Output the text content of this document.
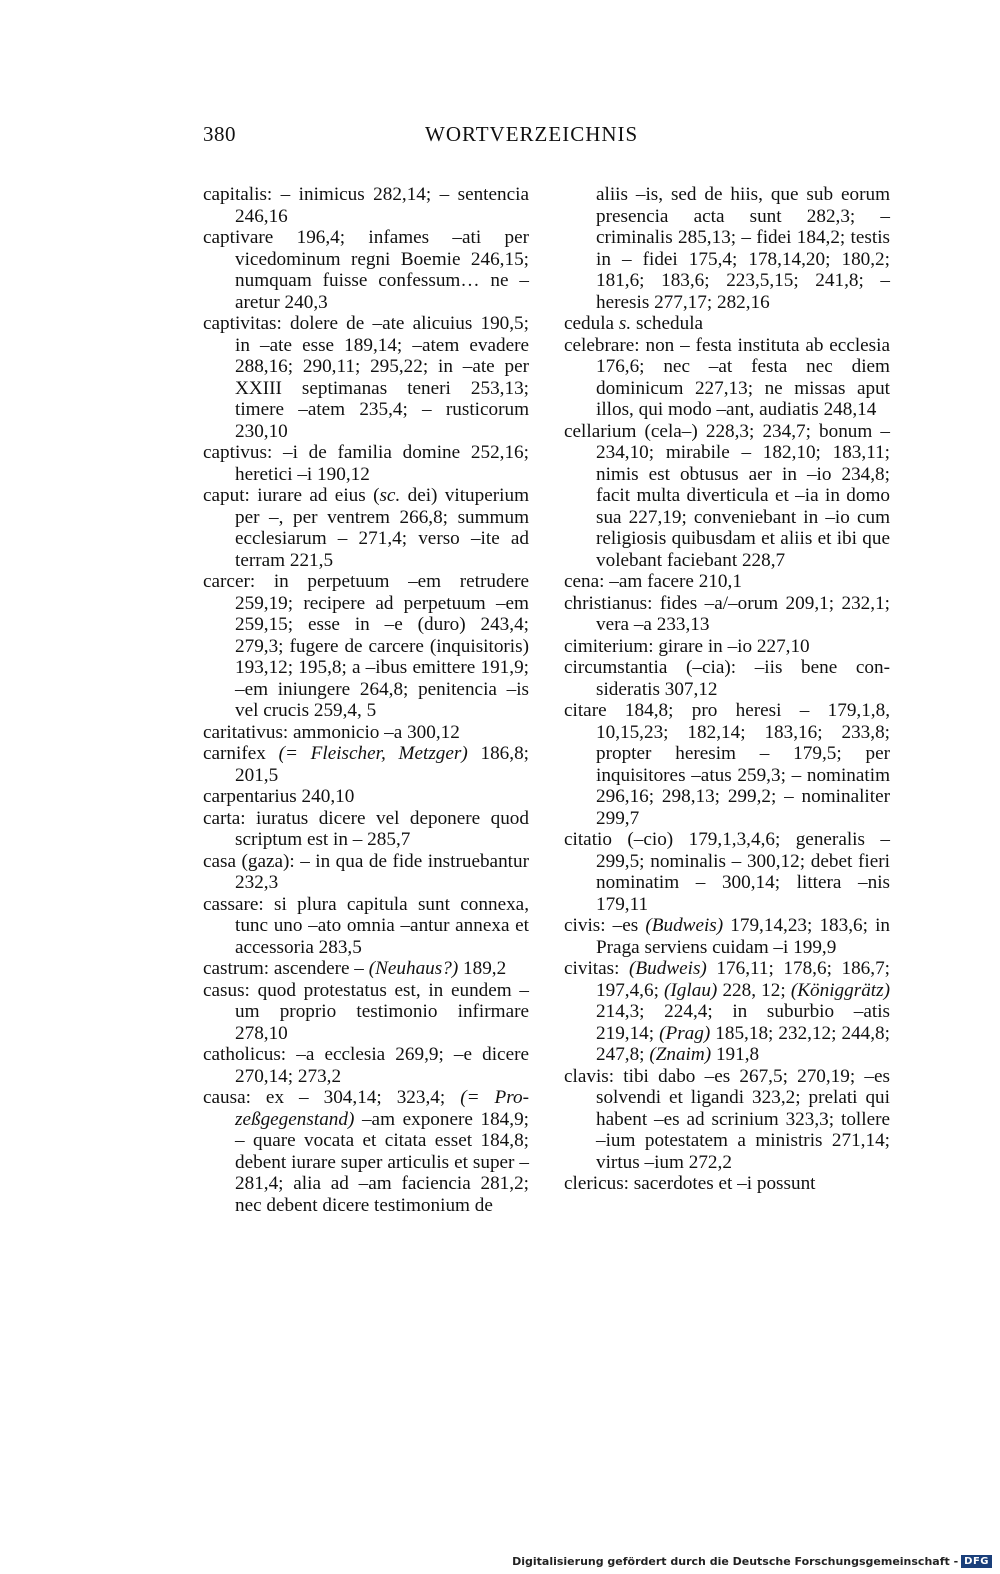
380	WORTVERZEICHNIS

capitalis: – inimicus 282,14; – sentencia 246,16

captivare 196,4; infames –ati per vicedominum regni Boemie 246,15; numquam fuisse confessum… ne –aretur 240,3

captivitas: dolere de –ate alicuius 190,5; in –ate esse 189,14; –atem evadere 288,16; 290,11; 295,22; in –ate per XXIII septimanas teneri 253,13; timere –atem 235,4; – rusticorum 230,10

captivus: –i de familia domine 252,16; heretici –i 190,12

caput: iurare ad eius (sc. dei) vituperium per –, per ventrem 266,8; summum ecclesiarum – 271,4; verso –ite ad terram 221,5

carcer: in perpetuum –em retrudere 259,19; recipere ad perpetuum –em 259,15; esse in –e (duro) 243,4; 279,3; fugere de carcere (inquisitoris) 193,12; 195,8; a –ibus emittere 191,9; –em iniungere 264,8; penitencia –is vel crucis 259,4, 5

caritativus: ammonicio –a 300,12

carnifex (= Fleischer, Metzger) 186,8; 201,5

carpentarius 240,10

carta: iuratus dicere vel deponere quod scriptum est in – 285,7

casa (gaza): – in qua de fide instruebantur 232,3

cassare: si plura capitula sunt connexa, tunc uno –ato omnia –antur annexa et accessoria 283,5

castrum: ascendere – (Neuhaus?) 189,2

casus: quod protestatus est, in eundem –um proprio testimonio infirmare 278,10

catholicus: –a ecclesia 269,9; –e dicere 270,14; 273,2

causa: ex – 304,14; 323,4; (= Prozeßgegenstand) –am exponere 184,9; – quare vocata et citata esset 184,8; debent iurare super articulis et super – 281,4; alia ad –am faciencia 281,2; nec debent dicere testimonium de

aliis –is, sed de hiis, que sub eorum presencia acta sunt 282,3; – criminalis 285,13; – fidei 184,2; testis in – fidei 175,4; 178,14,20; 180,2; 181,6; 183,6; 223,5,15; 241,8; – heresis 277,17; 282,16

cedula s. schedula

celebrare: non – festa instituta ab ecclesia 176,6; nec –at festa nec diem dominicum 227,13; ne missas aput illos, qui modo –ant, audiatis 248,14

cellarium (cela–) 228,3; 234,7; bonum – 234,10; mirabile – 182,10; 183,11; nimis est obtusus aer in –io 234,8; facit multa diverticula et –ia in domo sua 227,19; conveniebant in –io cum religiosis quibusdam et aliis et ibi que volebant faciebant 228,7

cena: –am facere 210,1

christianus: fides –a/–orum 209,1; 232,1; vera –a 233,13

cimiterium: girare in –io 227,10

circumstantia (–cia): –iis bene consideratis 307,12

citare 184,8; pro heresi – 179,1,8, 10,15,23; 182,14; 183,16; 233,8; propter heresim – 179,5; per inquisitores –atus 259,3; – nominatim 296,16; 298,13; 299,2; – nominaliter 299,7

citatio (–cio) 179,1,3,4,6; generalis – 299,5; nominalis – 300,12; debet fieri nominatim – 300,14; littera –nis 179,11

civis: –es (Budweis) 179,14,23; 183,6; in Praga serviens cuidam –i 199,9

civitas: (Budweis) 176,11; 178,6; 186,7; 197,4,6; (Iglau) 228, 12; (Königgrätz) 214,3; 224,4; in suburbio –atis 219,14; (Prag) 185,18; 232,12; 244,8; 247,8; (Znaim) 191,8

clavis: tibi dabo –es 267,5; 270,19; –es solvendi et ligandi 323,2; prelati qui habent –es ad scrinium 323,3; tollere –ium potestatem a ministris 271,14; virtus –ium 272,2

clericus: sacerdotes et –i possunt

Digitalisierung gefördert durch die Deutsche Forschungsgemeinschaft - DFG
